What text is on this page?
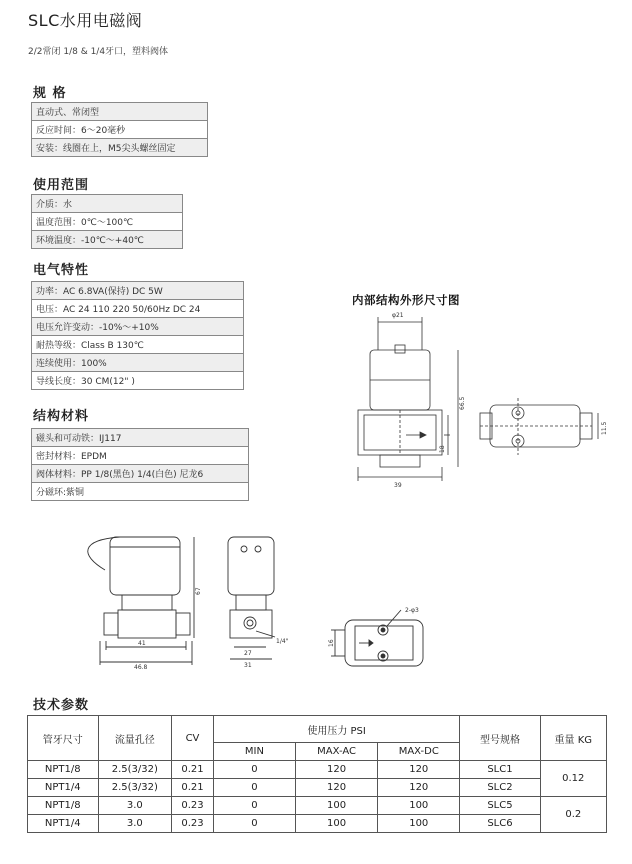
SLC水用电磁阀
2/2常闭 1/8 & 1/4牙口，塑料阀体
规 格
直动式、常闭型
反应时间：6～20毫秒
安装：线圈在上，M5尖头螺丝固定
使用范围
介质：水
温度范围：0℃～100℃
环境温度：-10℃～+40℃
电气特性
功率：AC 6.8VA(保持) DC 5W
电压：AC 24 110 220 50/60Hz DC 24
电压允许变动：-10%～+10%
耐热等级：Class B 130℃
连续使用：100%
导线长度：30 CM(12" )
结构材料
磁头和可动铁：IJ117
密封材料：EPDM
阀体材料：PP 1/8(黑色) 1/4(白色) 尼龙6
分磁环:紫铜
内部结构外形尺寸图
φ21
66.5
18
39
11.5
67
41
46.8
27
31
1/4"
2-φ3
16
技术参数
管牙尺寸	流量孔径	CV	使用压力 PSI			型号规格	重量 KG
			MIN	MAX-AC	MAX-DC		
NPT1/8	2.5(3/32)	0.21	0	120	120	SLC1	0.12
NPT1/4	2.5(3/32)	0.21	0	120	120	SLC2	
NPT1/8	3.0	0.23	0	100	100	SLC5	0.2
NPT1/4	3.0	0.23	0	100	100	SLC6	
